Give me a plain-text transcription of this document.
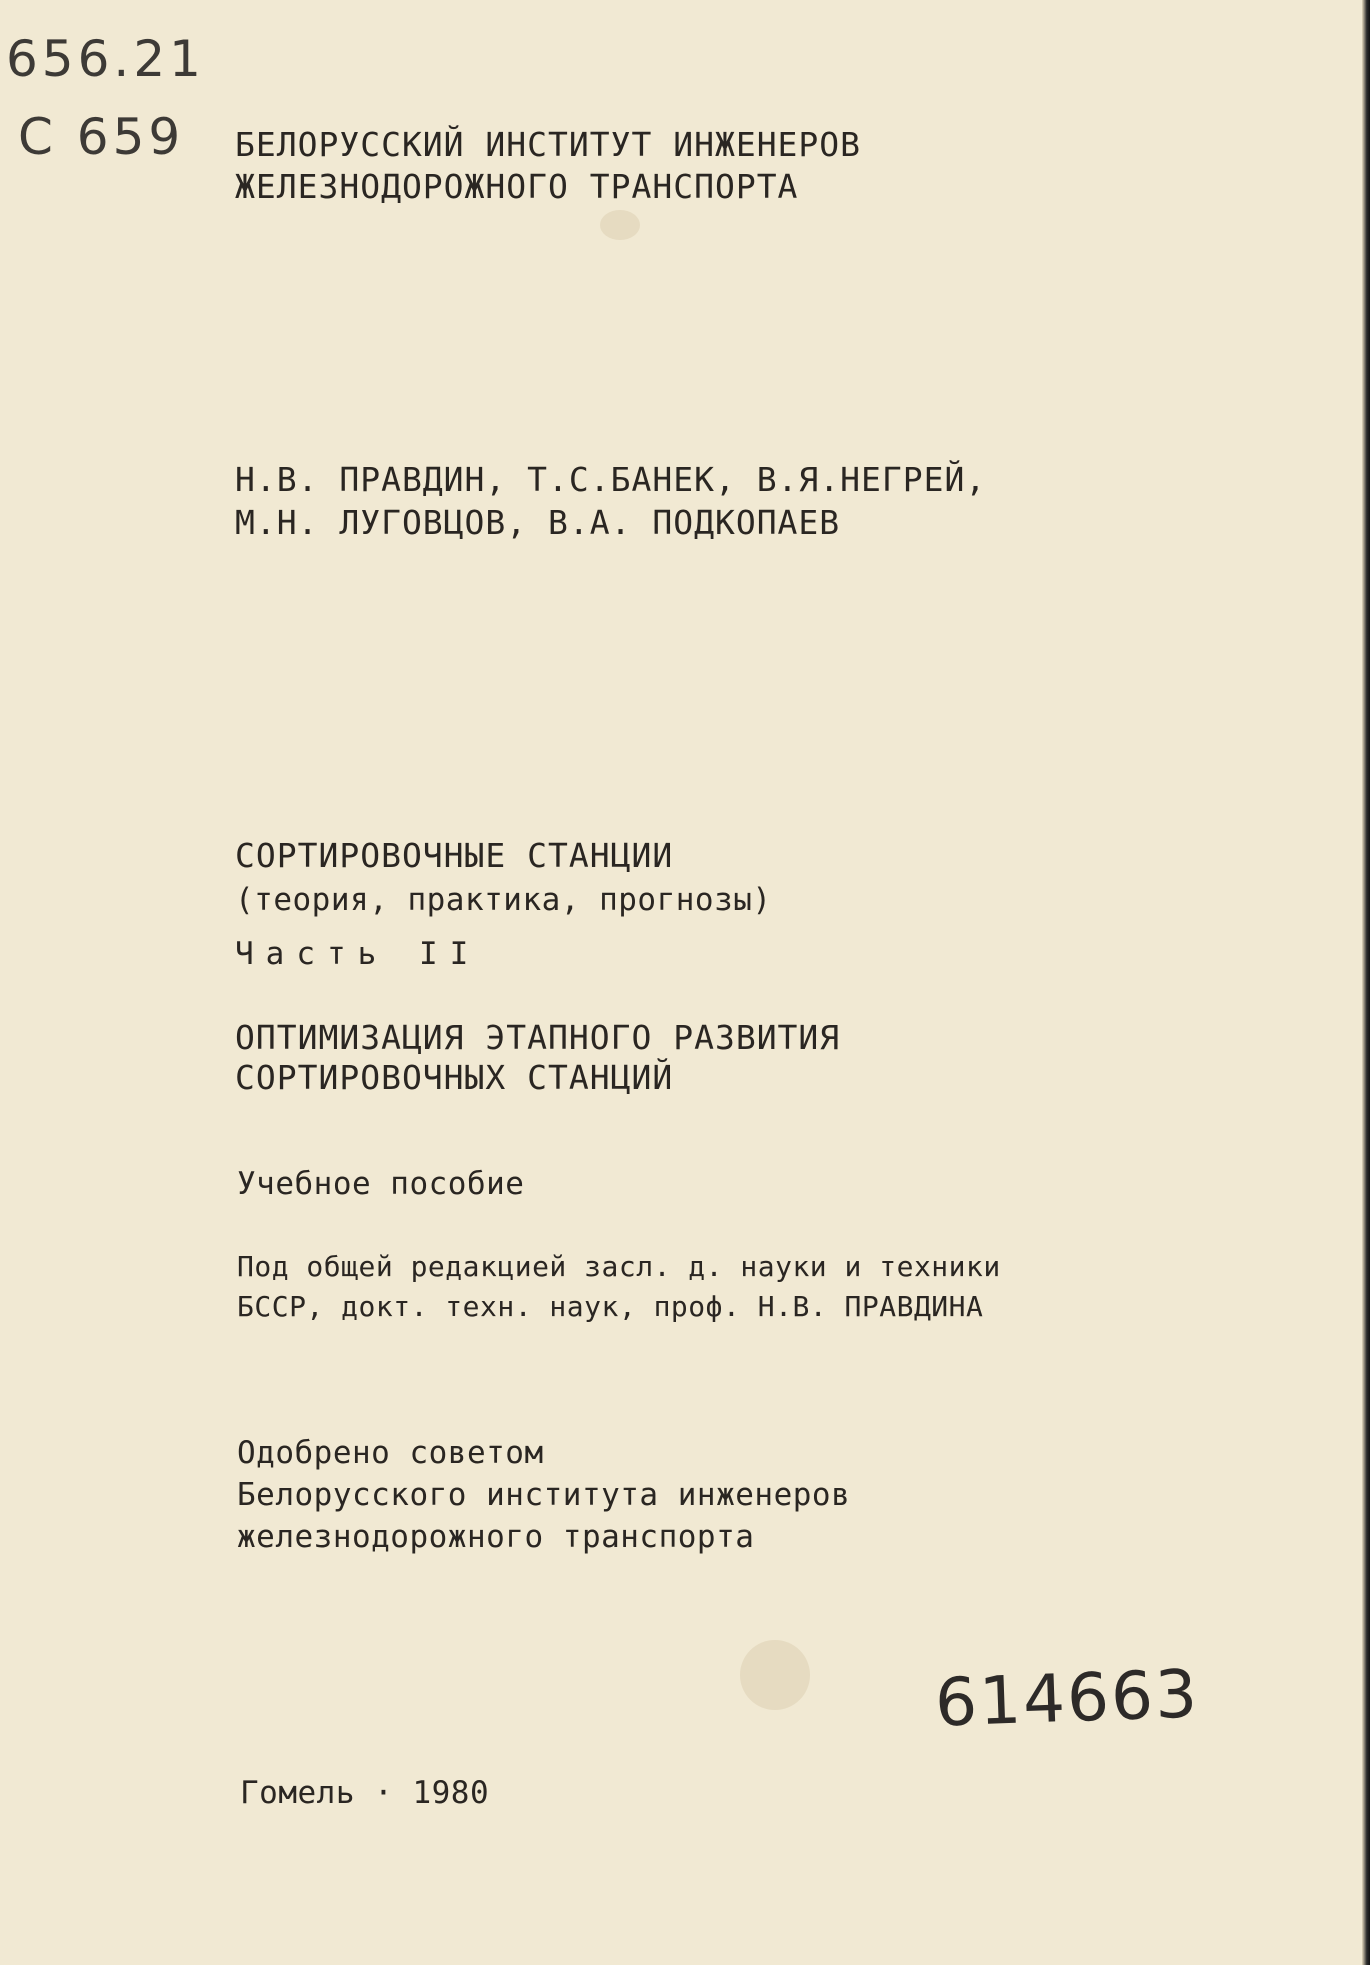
656.21
C 659 БЕЛОРУССКИЙ ИНСТИТУТ ИНЖЕНЕРОВ
ЖЕЛЕЗНОДОРОЖНОГО ТРАНСПОРТА
Н.В. ПРАВДИН, Т.С.БАНЕК, В.Я.НЕГРЕЙ,
М.Н. ЛУГОВЦОВ, В.А. ПОДКОПАЕВ
СОРТИРОВОЧНЫЕ СТАНЦИИ
(теория, практика, прогнозы)
Часть II
ОПТИМИЗАЦИЯ ЭТАПНОГО РАЗВИТИЯ
СОРТИРОВОЧНЫХ СТАНЦИЙ
Учебное пособие
Под общей редакцией засл. д. науки и техники
БССР, докт. техн. наук, проф. Н.В. ПРАВДИНА
Одобрено советом
Белорусского института инженеров
железнодорожного транспорта
614663
Гомель · 1980
